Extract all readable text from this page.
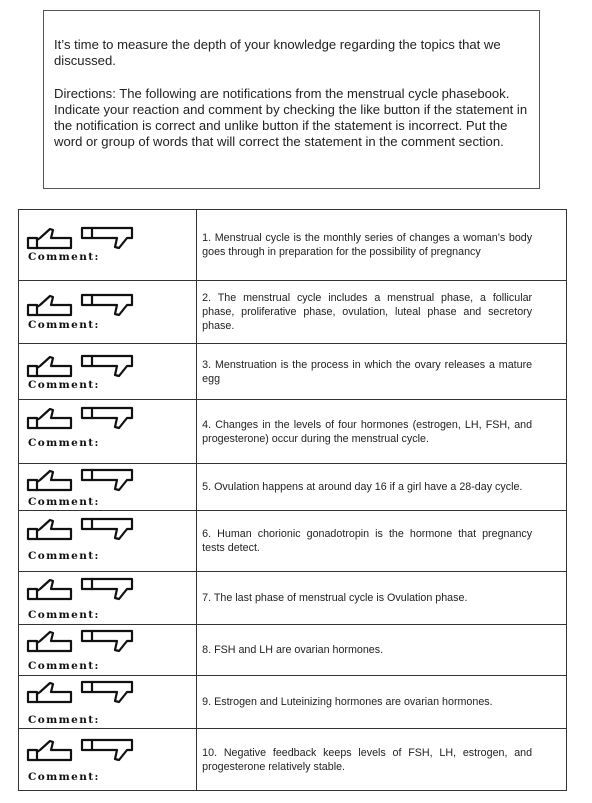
It’s time to measure the depth of your knowledge regarding the topics that we discussed.

Directions: The following are notifications from the menstrual cycle phasebook. Indicate your reaction and comment by checking the like button if the statement in the notification is correct and unlike button if the statement is incorrect. Put the word or group of words that will correct the statement in the comment section.

Comment:	1. Menstrual cycle is the monthly series of changes a woman’s body goes through in preparation for the possibility of pregnancy

Comment:	2. The menstrual cycle includes a menstrual phase, a follicular phase, proliferative phase, ovulation, luteal phase and secretory phase.

Comment:	3. Menstruation is the process in which the ovary releases a mature egg

Comment:	4. Changes in the levels of four hormones (estrogen, LH, FSH, and progesterone) occur during the menstrual cycle.

Comment:	5. Ovulation happens at around day 16 if a girl have a 28-day cycle.

Comment:	6. Human chorionic gonadotropin is the hormone that pregnancy tests detect.

Comment:	7. The last phase of menstrual cycle is Ovulation phase.

Comment:	8. FSH and LH are ovarian hormones.

Comment:	9. Estrogen and Luteinizing hormones are ovarian hormones.

Comment:	10. Negative feedback keeps levels of FSH, LH, estrogen, and progesterone relatively stable.
